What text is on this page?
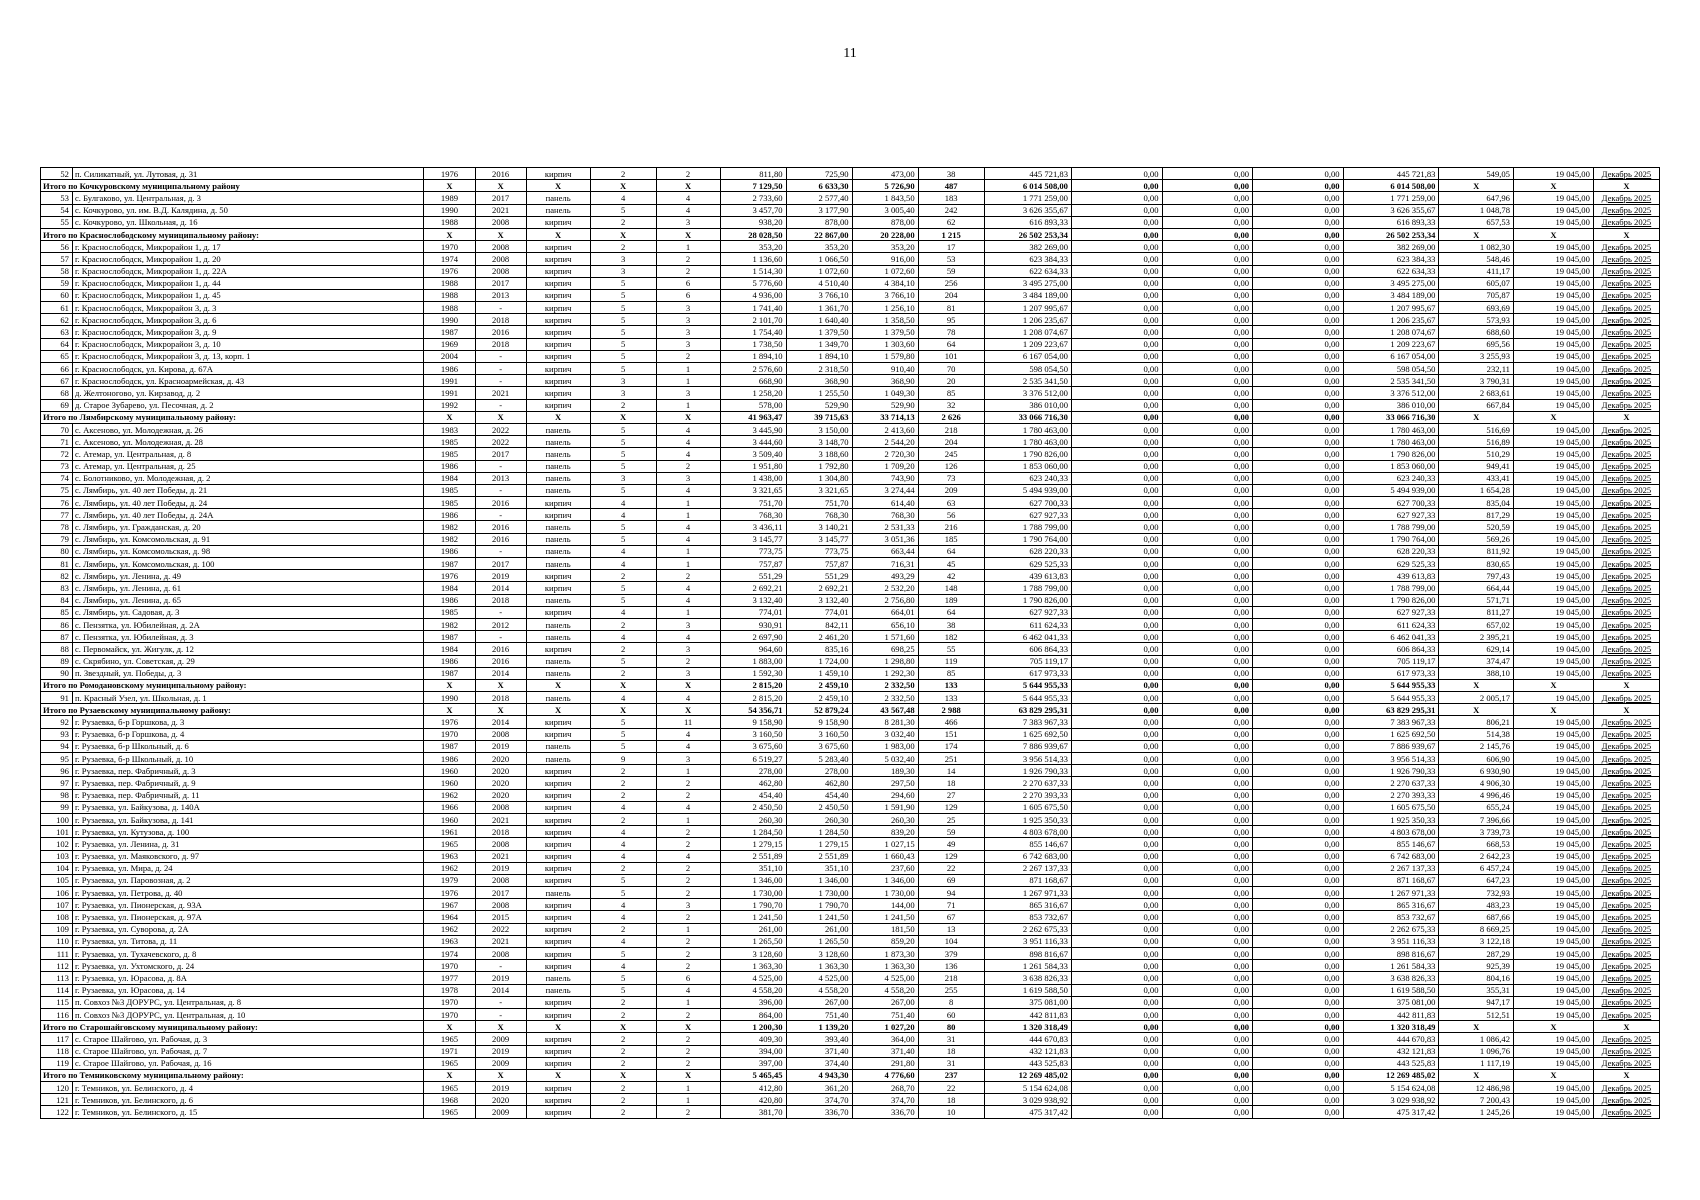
11
52	п. Силикатный, ул. Лутовая, д. 31	1976	2016	кирпич	2	2	811,80	725,90	473,00	38	445 721,83	0,00	0,00	0,00	445 721,83	549,05	19 045,00	Декабрь 2025
Итого по Кочкуровскому муниципальному району		X	X	X	X	X	7 129,50	6 633,30	5 726,90	487	6 014 508,00	0,00	0,00	0,00	6 014 508,00	X	X	X
53	с. Булгаково, ул. Центральная, д. 3	1989	2017	панель	4	4	2 733,60	2 577,40	1 843,50	183	1 771 259,00	0,00	0,00	0,00	1 771 259,00	647,96	19 045,00	Декабрь 2025
54	с. Кочкурово, ул. им. В.Д. Калядина, д. 50	1990	2021	панель	5	4	3 457,70	3 177,90	3 005,40	242	3 626 355,67	0,00	0,00	0,00	3 626 355,67	1 048,78	19 045,00	Декабрь 2025
55	с. Кочкурово, ул. Школьная, д. 16	1988	2008	кирпич	2	3	938,20	878,00	878,00	62	616 893,33	0,00	0,00	0,00	616 893,33	657,53	19 045,00	Декабрь 2025
Итого по Краснослободскому муниципальному району:		X	X	X	X	X	28 028,50	22 867,00	20 228,00	1 215	26 502 253,34	0,00	0,00	0,00	26 502 253,34	X	X	X
56	г. Краснослободск, Микрорайон 1, д. 17	1970	2008	кирпич	2	1	353,20	353,20	353,20	17	382 269,00	0,00	0,00	0,00	382 269,00	1 082,30	19 045,00	Декабрь 2025
57	г. Краснослободск, Микрорайон 1, д. 20	1974	2008	кирпич	3	2	1 136,60	1 066,50	916,00	53	623 384,33	0,00	0,00	0,00	623 384,33	548,46	19 045,00	Декабрь 2025
58	г. Краснослободск, Микрорайон 1, д. 22А	1976	2008	кирпич	3	2	1 514,30	1 072,60	1 072,60	59	622 634,33	0,00	0,00	0,00	622 634,33	411,17	19 045,00	Декабрь 2025
59	г. Краснослободск, Микрорайон 1, д. 44	1988	2017	кирпич	5	6	5 776,60	4 510,40	4 384,10	256	3 495 275,00	0,00	0,00	0,00	3 495 275,00	605,07	19 045,00	Декабрь 2025
60	г. Краснослободск, Микрорайон 1, д. 45	1988	2013	кирпич	5	6	4 936,00	3 766,10	3 766,10	204	3 484 189,00	0,00	0,00	0,00	3 484 189,00	705,87	19 045,00	Декабрь 2025
61	г. Краснослободск, Микрорайон 3, д. 3	1988	-	кирпич	5	3	1 741,40	1 361,70	1 256,10	81	1 207 995,67	0,00	0,00	0,00	1 207 995,67	693,69	19 045,00	Декабрь 2025
62	г. Краснослободск, Микрорайон 3, д. 6	1990	2018	кирпич	5	3	2 101,70	1 640,40	1 358,50	95	1 206 235,67	0,00	0,00	0,00	1 206 235,67	573,93	19 045,00	Декабрь 2025
63	г. Краснослободск, Микрорайон 3, д. 9	1987	2016	кирпич	5	3	1 754,40	1 379,50	1 379,50	78	1 208 074,67	0,00	0,00	0,00	1 208 074,67	688,60	19 045,00	Декабрь 2025
64	г. Краснослободск, Микрорайон 3, д. 10	1969	2018	кирпич	5	3	1 738,50	1 349,70	1 303,60	64	1 209 223,67	0,00	0,00	0,00	1 209 223,67	695,56	19 045,00	Декабрь 2025
65	г. Краснослободск, Микрорайон 3, д. 13, корп. 1	2004	-	кирпич	5	2	1 894,10	1 894,10	1 579,80	101	6 167 054,00	0,00	0,00	0,00	6 167 054,00	3 255,93	19 045,00	Декабрь 2025
66	г. Краснослободск, ул. Кирова, д. 67А	1986	-	кирпич	5	1	2 576,60	2 318,50	910,40	70	598 054,50	0,00	0,00	0,00	598 054,50	232,11	19 045,00	Декабрь 2025
67	г. Краснослободск, ул. Красноармейская, д. 43	1991	-	кирпич	3	1	668,90	368,90	368,90	20	2 535 341,50	0,00	0,00	0,00	2 535 341,50	3 790,31	19 045,00	Декабрь 2025
68	д. Желтоногово, ул. Кирзавод, д. 2	1991	2021	кирпич	3	3	1 258,20	1 255,50	1 049,30	85	3 376 512,00	0,00	0,00	0,00	3 376 512,00	2 683,61	19 045,00	Декабрь 2025
69	д. Старое Зубарево, ул. Песочная, д. 2	1992	-	кирпич	2	1	578,00	529,90	529,90	32	386 010,00	0,00	0,00	0,00	386 010,00	667,84	19 045,00	Декабрь 2025
Итого по Лямбирскому муниципальному району:		X	X	X	X	X	41 963,47	39 715,63	33 714,13	2 626	33 066 716,30	0,00	0,00	0,00	33 066 716,30	X	X	X
70	с. Аксеново, ул. Молодежная, д. 26	1983	2022	панель	5	4	3 445,90	3 150,00	2 413,60	218	1 780 463,00	0,00	0,00	0,00	1 780 463,00	516,69	19 045,00	Декабрь 2025
71	с. Аксеново, ул. Молодежная, д. 28	1985	2022	панель	5	4	3 444,60	3 148,70	2 544,20	204	1 780 463,00	0,00	0,00	0,00	1 780 463,00	516,89	19 045,00	Декабрь 2025
72	с. Атемар, ул. Центральная, д. 8	1985	2017	панель	5	4	3 509,40	3 188,60	2 720,30	245	1 790 826,00	0,00	0,00	0,00	1 790 826,00	510,29	19 045,00	Декабрь 2025
73	с. Атемар, ул. Центральная, д. 25	1986	-	панель	5	2	1 951,80	1 792,80	1 709,20	126	1 853 060,00	0,00	0,00	0,00	1 853 060,00	949,41	19 045,00	Декабрь 2025
74	с. Болотниково, ул. Молодежная, д. 2	1984	2013	панель	3	3	1 438,00	1 304,80	743,90	73	623 240,33	0,00	0,00	0,00	623 240,33	433,41	19 045,00	Декабрь 2025
75	с. Лямбирь, ул. 40 лет Победы, д. 21	1985	-	панель	5	4	3 321,65	3 321,65	3 274,44	209	5 494 939,00	0,00	0,00	0,00	5 494 939,00	1 654,28	19 045,00	Декабрь 2025
76	с. Лямбирь, ул. 40 лет Победы, д. 24	1985	2016	кирпич	4	1	751,70	751,70	614,40	63	627 700,33	0,00	0,00	0,00	627 700,33	835,04	19 045,00	Декабрь 2025
77	с. Лямбирь, ул. 40 лет Победы, д. 24А	1986	-	кирпич	4	1	768,30	768,30	768,30	56	627 927,33	0,00	0,00	0,00	627 927,33	817,29	19 045,00	Декабрь 2025
78	с. Лямбирь, ул. Гражданская, д. 20	1982	2016	панель	5	4	3 436,11	3 140,21	2 531,33	216	1 788 799,00	0,00	0,00	0,00	1 788 799,00	520,59	19 045,00	Декабрь 2025
79	с. Лямбирь, ул. Комсомольская, д. 91	1982	2016	панель	5	4	3 145,77	3 145,77	3 051,36	185	1 790 764,00	0,00	0,00	0,00	1 790 764,00	569,26	19 045,00	Декабрь 2025
80	с. Лямбирь, ул. Комсомольская, д. 98	1986	-	панель	4	1	773,75	773,75	663,44	64	628 220,33	0,00	0,00	0,00	628 220,33	811,92	19 045,00	Декабрь 2025
81	с. Лямбирь, ул. Комсомольская, д. 100	1987	2017	панель	4	1	757,87	757,87	716,31	45	629 525,33	0,00	0,00	0,00	629 525,33	830,65	19 045,00	Декабрь 2025
82	с. Лямбирь, ул. Ленина, д. 49	1976	2019	кирпич	2	2	551,29	551,29	493,29	42	439 613,83	0,00	0,00	0,00	439 613,83	797,43	19 045,00	Декабрь 2025
83	с. Лямбирь, ул. Ленина, д. 61	1984	2014	кирпич	5	4	2 692,21	2 692,21	2 532,20	148	1 788 799,00	0,00	0,00	0,00	1 788 799,00	664,44	19 045,00	Декабрь 2025
84	с. Лямбирь, ул. Ленина, д. 65	1986	2018	панель	5	4	3 132,40	3 132,40	2 756,80	189	1 790 826,00	0,00	0,00	0,00	1 790 826,00	571,71	19 045,00	Декабрь 2025
85	с. Лямбирь, ул. Садовая, д. 3	1985	-	кирпич	4	1	774,01	774,01	664,01	64	627 927,33	0,00	0,00	0,00	627 927,33	811,27	19 045,00	Декабрь 2025
86	с. Пензятка, ул. Юбилейная, д. 2А	1982	2012	панель	2	3	930,91	842,11	656,10	38	611 624,33	0,00	0,00	0,00	611 624,33	657,02	19 045,00	Декабрь 2025
87	с. Пензятка, ул. Юбилейная, д. 3	1987	-	панель	4	4	2 697,90	2 461,20	1 571,60	182	6 462 041,33	0,00	0,00	0,00	6 462 041,33	2 395,21	19 045,00	Декабрь 2025
88	с. Первомайск, ул. Жигулк, д. 12	1984	2016	кирпич	2	3	964,60	835,16	698,25	55	606 864,33	0,00	0,00	0,00	606 864,33	629,14	19 045,00	Декабрь 2025
89	с. Скрябино, ул. Советская, д. 29	1986	2016	панель	5	2	1 883,00	1 724,00	1 298,80	119	705 119,17	0,00	0,00	0,00	705 119,17	374,47	19 045,00	Декабрь 2025
90	п. Звездный, ул. Победы, д. 3	1987	2014	панель	2	3	1 592,30	1 459,10	1 292,30	85	617 973,33	0,00	0,00	0,00	617 973,33	388,10	19 045,00	Декабрь 2025
Итого по Ромодановскому муниципальному району:		X	X	X	X	X	2 815,20	2 459,10	2 332,50	133	5 644 955,33	0,00	0,00	0,00	5 644 955,33	X	X	X
91	п. Красный Узел, ул. Школьная, д. 1	1990	2018	панель	4	4	2 815,20	2 459,10	2 332,50	133	5 644 955,33	0,00	0,00	0,00	5 644 955,33	2 005,17	19 045,00	Декабрь 2025
Итого по Рузаевскому муниципальному району:		X	X	X	X	X	54 356,71	52 879,24	43 567,48	2 988	63 829 295,31	0,00	0,00	0,00	63 829 295,31	X	X	X
92	г. Рузаевка, б-р Горшкова, д. 3	1976	2014	кирпич	5	11	9 158,90	9 158,90	8 281,30	466	7 383 967,33	0,00	0,00	0,00	7 383 967,33	806,21	19 045,00	Декабрь 2025
93	г. Рузаевка, б-р Горшкова, д. 4	1970	2008	кирпич	5	4	3 160,50	3 160,50	3 032,40	151	1 625 692,50	0,00	0,00	0,00	1 625 692,50	514,38	19 045,00	Декабрь 2025
94	г. Рузаевка, б-р Школьный, д. 6	1987	2019	панель	5	4	3 675,60	3 675,60	1 983,00	174	7 886 939,67	0,00	0,00	0,00	7 886 939,67	2 145,76	19 045,00	Декабрь 2025
95	г. Рузаевка, б-р Школьный, д. 10	1986	2020	панель	9	3	6 519,27	5 283,40	5 032,40	251	3 956 514,33	0,00	0,00	0,00	3 956 514,33	606,90	19 045,00	Декабрь 2025
96	г. Рузаевка, пер. Фабричный, д. 3	1960	2020	кирпич	2	1	278,00	278,00	189,30	14	1 926 790,33	0,00	0,00	0,00	1 926 790,33	6 930,90	19 045,00	Декабрь 2025
97	г. Рузаевка, пер. Фабричный, д. 9	1960	2020	кирпич	2	2	462,80	462,80	297,50	18	2 270 637,33	0,00	0,00	0,00	2 270 637,33	4 906,30	19 045,00	Декабрь 2025
98	г. Рузаевка, пер. Фабричный, д. 11	1962	2020	кирпич	2	2	454,40	454,40	294,60	27	2 270 393,33	0,00	0,00	0,00	2 270 393,33	4 996,46	19 045,00	Декабрь 2025
99	г. Рузаевка, ул. Байкузова, д. 140А	1966	2008	кирпич	4	4	2 450,50	2 450,50	1 591,90	129	1 605 675,50	0,00	0,00	0,00	1 605 675,50	655,24	19 045,00	Декабрь 2025
100	г. Рузаевка, ул. Байкузова, д. 141	1960	2021	кирпич	2	1	260,30	260,30	260,30	25	1 925 350,33	0,00	0,00	0,00	1 925 350,33	7 396,66	19 045,00	Декабрь 2025
101	г. Рузаевка, ул. Кутузова, д. 100	1961	2018	кирпич	4	2	1 284,50	1 284,50	839,20	59	4 803 678,00	0,00	0,00	0,00	4 803 678,00	3 739,73	19 045,00	Декабрь 2025
102	г. Рузаевка, ул. Ленина, д. 31	1965	2008	кирпич	4	2	1 279,15	1 279,15	1 027,15	49	855 146,67	0,00	0,00	0,00	855 146,67	668,53	19 045,00	Декабрь 2025
103	г. Рузаевка, ул. Маяковского, д. 97	1963	2021	кирпич	4	4	2 551,89	2 551,89	1 660,43	129	6 742 683,00	0,00	0,00	0,00	6 742 683,00	2 642,23	19 045,00	Декабрь 2025
104	г. Рузаевка, ул. Мира, д. 24	1962	2019	кирпич	2	2	351,10	351,10	237,60	22	2 267 137,33	0,00	0,00	0,00	2 267 137,33	6 457,24	19 045,00	Декабрь 2025
105	г. Рузаевка, ул. Паровозная, д. 2	1979	2008	кирпич	5	2	1 346,00	1 346,00	1 346,00	69	871 168,67	0,00	0,00	0,00	871 168,67	647,23	19 045,00	Декабрь 2025
106	г. Рузаевка, ул. Петрова, д. 40	1976	2017	панель	5	2	1 730,00	1 730,00	1 730,00	94	1 267 971,33	0,00	0,00	0,00	1 267 971,33	732,93	19 045,00	Декабрь 2025
107	г. Рузаевка, ул. Пионерская, д. 93А	1967	2008	кирпич	4	3	1 790,70	1 790,70	144,00	71	865 316,67	0,00	0,00	0,00	865 316,67	483,23	19 045,00	Декабрь 2025
108	г. Рузаевка, ул. Пионерская, д. 97А	1964	2015	кирпич	4	2	1 241,50	1 241,50	1 241,50	67	853 732,67	0,00	0,00	0,00	853 732,67	687,66	19 045,00	Декабрь 2025
109	г. Рузаевка, ул. Суворова, д. 2А	1962	2022	кирпич	2	1	261,00	261,00	181,50	13	2 262 675,33	0,00	0,00	0,00	2 262 675,33	8 669,25	19 045,00	Декабрь 2025
110	г. Рузаевка, ул. Титова, д. 11	1963	2021	кирпич	4	2	1 265,50	1 265,50	859,20	104	3 951 116,33	0,00	0,00	0,00	3 951 116,33	3 122,18	19 045,00	Декабрь 2025
111	г. Рузаевка, ул. Тухачевского, д. 8	1974	2008	кирпич	5	2	3 128,60	3 128,60	1 873,30	379	898 816,67	0,00	0,00	0,00	898 816,67	287,29	19 045,00	Декабрь 2025
112	г. Рузаевка, ул. Ухтомского, д. 24	1970	-	кирпич	4	2	1 363,30	1 363,30	1 363,30	136	1 261 584,33	0,00	0,00	0,00	1 261 584,33	925,39	19 045,00	Декабрь 2025
113	г. Рузаевка, ул. Юрасова, д. 8А	1977	2019	панель	5	6	4 525,00	4 525,00	4 525,00	218	3 638 826,33	0,00	0,00	0,00	3 638 826,33	804,16	19 045,00	Декабрь 2025
114	г. Рузаевка, ул. Юрасова, д. 14	1978	2014	панель	5	4	4 558,20	4 558,20	4 558,20	255	1 619 588,50	0,00	0,00	0,00	1 619 588,50	355,31	19 045,00	Декабрь 2025
115	п. Совхоз №3 ДОРУРС, ул. Центральная, д. 8	1970	-	кирпич	2	1	396,00	267,00	267,00	8	375 081,00	0,00	0,00	0,00	375 081,00	947,17	19 045,00	Декабрь 2025
116	п. Совхоз №3 ДОРУРС, ул. Центральная, д. 10	1970	-	кирпич	2	2	864,00	751,40	751,40	60	442 811,83	0,00	0,00	0,00	442 811,83	512,51	19 045,00	Декабрь 2025
Итого по Старошайговскому муниципальному району:		X	X	X	X	X	1 200,30	1 139,20	1 027,20	80	1 320 318,49	0,00	0,00	0,00	1 320 318,49	X	X	X
117	с. Старое Шайгово, ул. Рабочая, д. 3	1965	2009	кирпич	2	2	409,30	393,40	364,00	31	444 670,83	0,00	0,00	0,00	444 670,83	1 086,42	19 045,00	Декабрь 2025
118	с. Старое Шайгово, ул. Рабочая, д. 7	1971	2019	кирпич	2	2	394,00	371,40	371,40	18	432 121,83	0,00	0,00	0,00	432 121,83	1 096,76	19 045,00	Декабрь 2025
119	с. Старое Шайгово, ул. Рабочая, д. 16	1965	2009	кирпич	2	2	397,00	374,40	291,80	31	443 525,83	0,00	0,00	0,00	443 525,83	1 117,19	19 045,00	Декабрь 2025
Итого по Темниковскому муниципальному району:		X	X	X	X	X	5 465,45	4 943,30	4 776,60	237	12 269 485,02	0,00	0,00	0,00	12 269 485,02	X	X	X
120	г. Темников, ул. Белинского, д. 4	1965	2019	кирпич	2	1	412,80	361,20	268,70	22	5 154 624,08	0,00	0,00	0,00	5 154 624,08	12 486,98	19 045,00	Декабрь 2025
121	г. Темников, ул. Белинского, д. 6	1968	2020	кирпич	2	1	420,80	374,70	374,70	18	3 029 938,92	0,00	0,00	0,00	3 029 938,92	7 200,43	19 045,00	Декабрь 2025
122	г. Темников, ул. Белинского, д. 15	1965	2009	кирпич	2	2	381,70	336,70	336,70	10	475 317,42	0,00	0,00	0,00	475 317,42	1 245,26	19 045,00	Декабрь 2025
